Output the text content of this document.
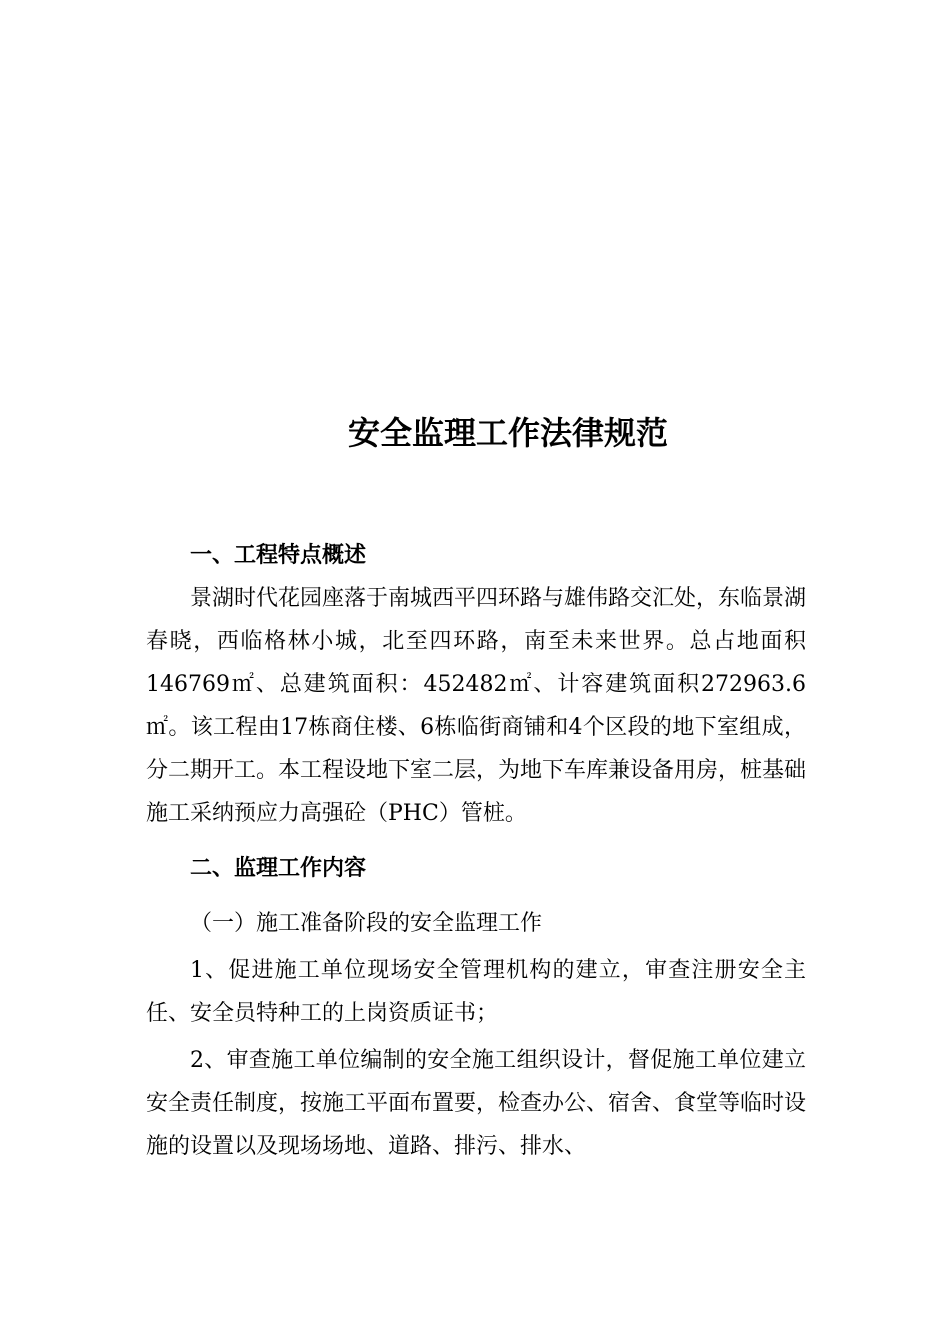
安全监理工作法律规范

一、工程特点概述

景湖时代花园座落于南城西平四环路与雄伟路交汇处，东临景湖春晓，西临格林小城，北至四环路，南至未来世界。总占地面积146769㎡、总建筑面积：452482㎡、计容建筑面积272963.6㎡。该工程由17栋商住楼、6栋临街商铺和4个区段的地下室组成，分二期开工。本工程设地下室二层，为地下车库兼设备用房，桩基础施工采纳预应力高强砼（PHC）管桩。

二、监理工作内容

（一）施工准备阶段的安全监理工作

1、促进施工单位现场安全管理机构的建立，审查注册安全主任、安全员特种工的上岗资质证书；

2、审查施工单位编制的安全施工组织设计，督促施工单位建立安全责任制度，按施工平面布置要，检查办公、宿舍、食堂等临时设施的设置以及现场场地、道路、排污、排水、
